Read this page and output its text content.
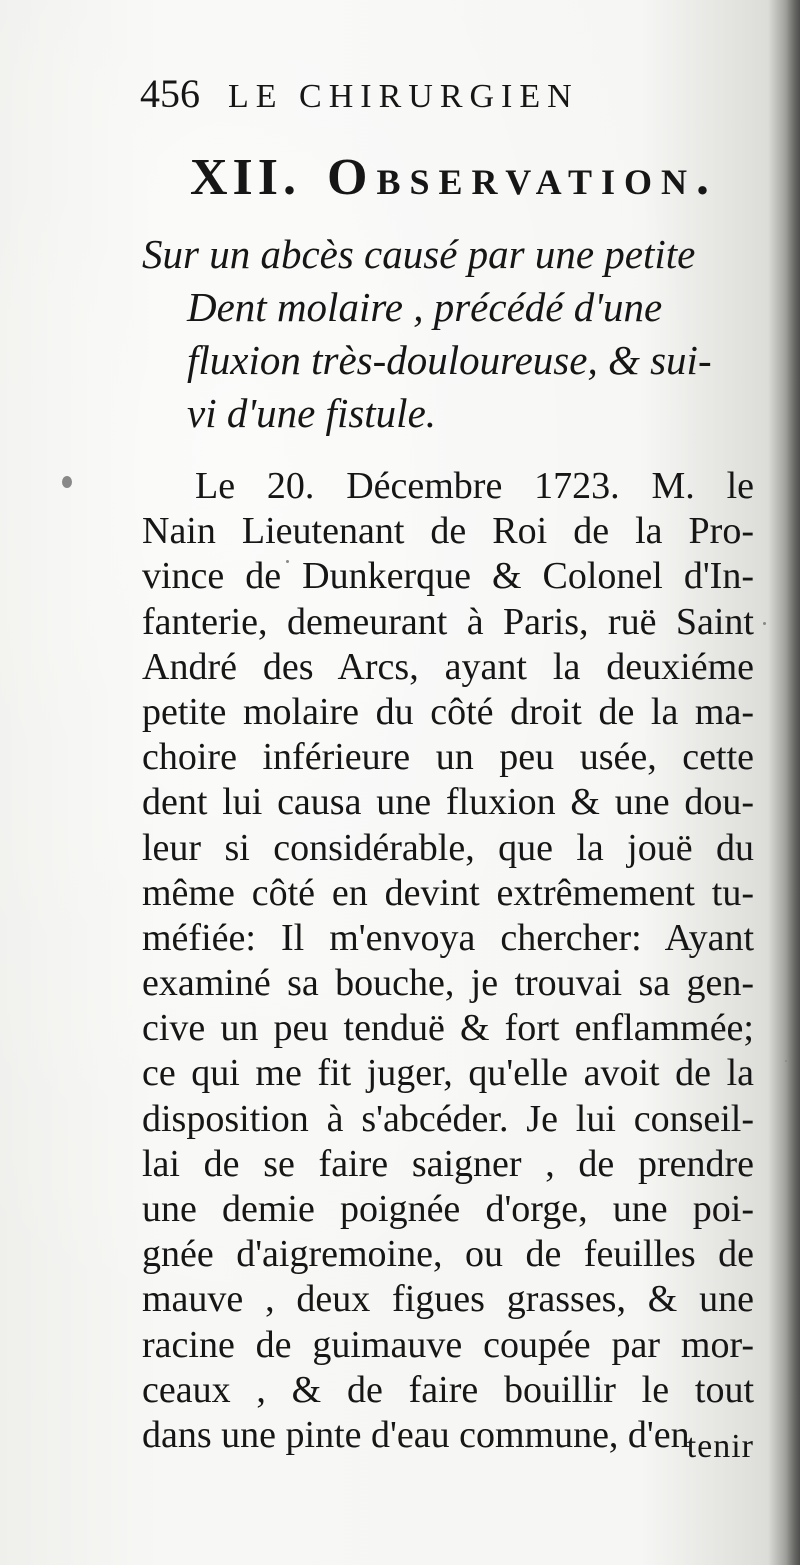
456 LE CHIRURGIEN
XII. Observation.
Sur un abcès causé par une petite
Dent molaire , précédé d'une
fluxion très-douloureuse, & sui-
vi d'une fistule.
Le 20. Décembre 1723. M. le
Nain Lieutenant de Roi de la Pro-
vince de Dunkerque & Colonel d'In-
fanterie, demeurant à Paris, ruë Saint
André des Arcs, ayant la deuxiéme
petite molaire du côté droit de la ma-
choire inférieure un peu usée, cette
dent lui causa une fluxion & une dou-
leur si considérable, que la jouë du
même côté en devint extrêmement tu-
méfiée: Il m'envoya chercher: Ayant
examiné sa bouche, je trouvai sa gen-
cive un peu tenduë & fort enflammée;
ce qui me fit juger, qu'elle avoit de la
disposition à s'abcéder. Je lui conseil-
lai de se faire saigner , de prendre
une demie poignée d'orge, une poi-
gnée d'aigremoine, ou de feuilles de
mauve , deux figues grasses, & une
racine de guimauve coupée par mor-
ceaux , & de faire bouillir le tout
dans une pinte d'eau commune, d'en
tenir
